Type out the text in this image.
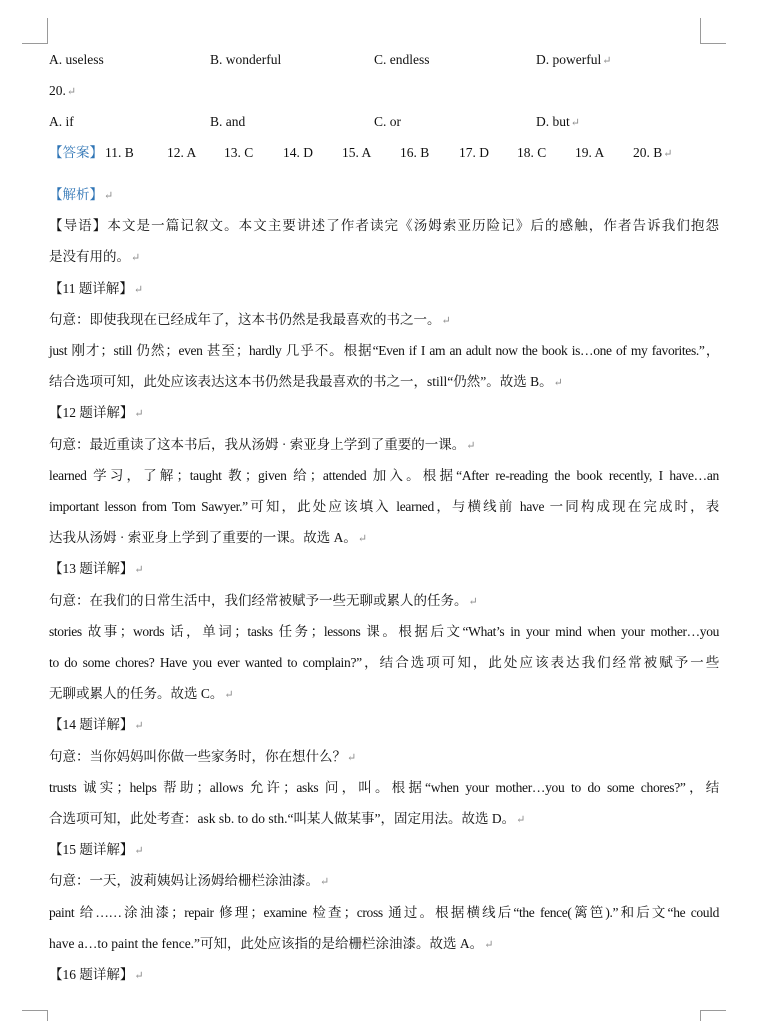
A. useless	B. wonderful	C. endless	D. powerful↵
20.↵
A. if	B. and	C. or	D. but↵
【答案】 11. B 12. A 13. C 14. D 15. A 16. B 17. D 18. C 19. A 20. B↵
【解析】↵
【导语】本文是一篇记叙文。本文主要讲述了作者读完《汤姆索亚历险记》后的感触，作者告诉我们抱怨
是没有用的。↵
【11 题详解】↵
句意：即使我现在已经成年了，这本书仍然是我最喜欢的书之一。↵
just 刚才；still 仍然；even 甚至；hardly 几乎不。根据“Even if I am an adult now the book is…one of my favorites.”，
结合选项可知，此处应该表达这本书仍然是我最喜欢的书之一，still“仍然”。故选 B。↵
【12 题详解】↵
句意：最近重读了这本书后，我从汤姆 · 索亚身上学到了重要的一课。↵
learned 学习，了解；taught 教；given 给；attended 加入。根据“After re-reading the book recently, I have…an
important lesson from Tom Sawyer.”可知，此处应该填入 learned，与横线前 have 一同构成现在完成时，表
达我从汤姆 · 索亚身上学到了重要的一课。故选 A。↵
【13 题详解】↵
句意：在我们的日常生活中，我们经常被赋予一些无聊或累人的任务。↵
stories 故事；words 话，单词；tasks 任务；lessons 课。根据后文“What’s in your mind when your mother…you
to do some chores? Have you ever wanted to complain?”，结合选项可知，此处应该表达我们经常被赋予一些
无聊或累人的任务。故选 C。↵
【14 题详解】↵
句意：当你妈妈叫你做一些家务时，你在想什么？↵
trusts 诚实；helps 帮助；allows 允许；asks 问，叫。根据“when your mother…you to do some chores?”，结
合选项可知，此处考查：ask sb. to do sth.“叫某人做某事”，固定用法。故选 D。↵
【15 题详解】↵
句意：一天，波莉姨妈让汤姆给栅栏涂油漆。↵
paint 给……涂油漆；repair 修理；examine 检查；cross 通过。根据横线后“the fence(篱笆).”和后文“he could
have a…to paint the fence.”可知，此处应该指的是给栅栏涂油漆。故选 A。↵
【16 题详解】↵
